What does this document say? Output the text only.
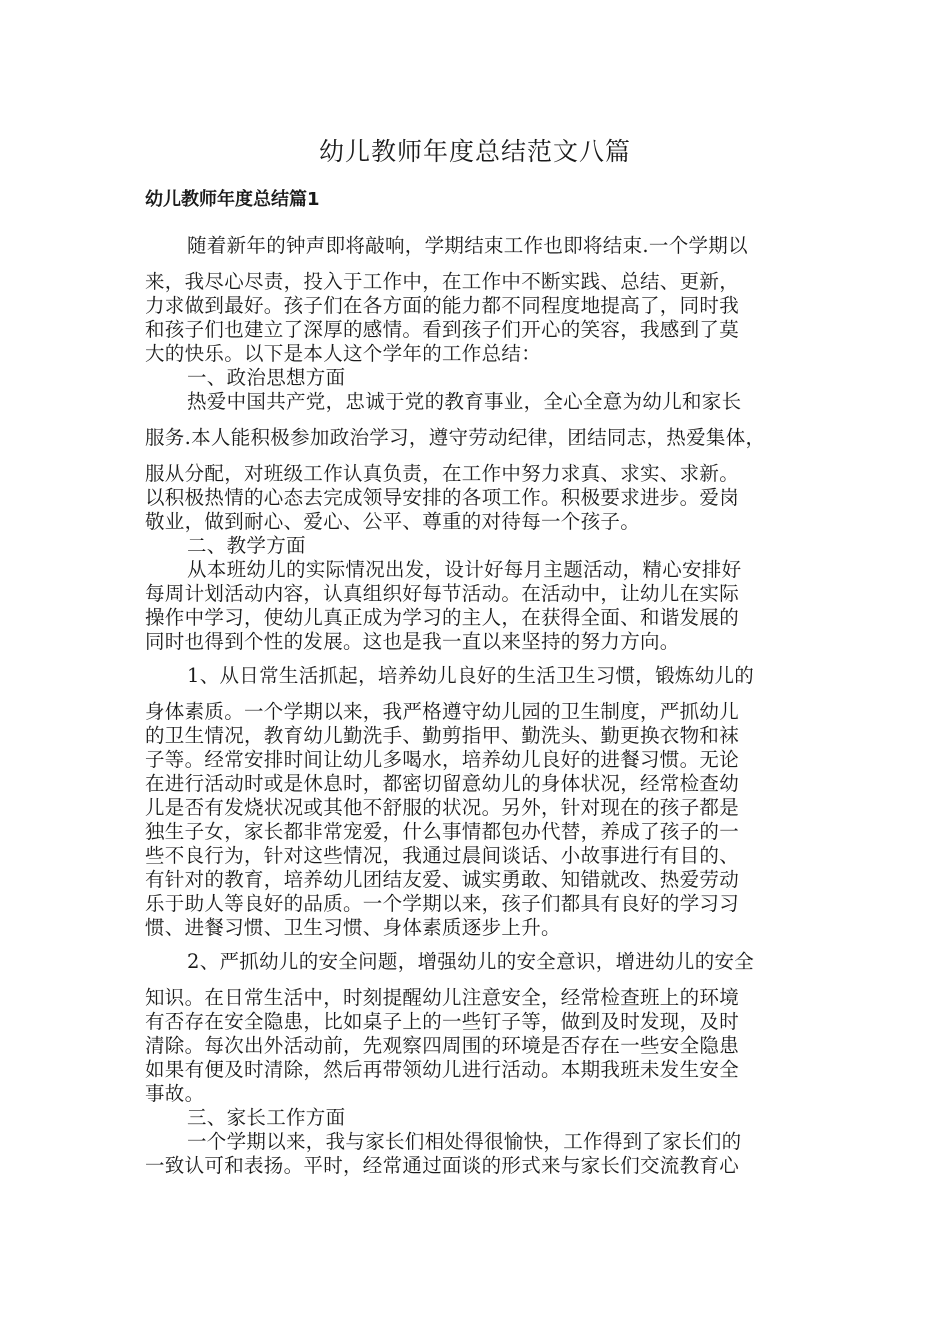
幼儿教师年度总结范文八篇
幼儿教师年度总结篇1
随着新年的钟声即将敲响，学期结束工作也即将结束.一个学期以
来，我尽心尽责，投入于工作中，在工作中不断实践、总结、更新，
力求做到最好。孩子们在各方面的能力都不同程度地提高了，同时我
和孩子们也建立了深厚的感情。看到孩子们开心的笑容，我感到了莫
大的快乐。以下是本人这个学年的工作总结：
一、政治思想方面
热爱中国共产党，忠诚于党的教育事业，全心全意为幼儿和家长
服务.本人能积极参加政治学习，遵守劳动纪律，团结同志，热爱集体，
服从分配，对班级工作认真负责，在工作中努力求真、求实、求新。
以积极热情的心态去完成领导安排的各项工作。积极要求进步。爱岗
敬业，做到耐心、爱心、公平、尊重的对待每一个孩子。
二、教学方面
从本班幼儿的实际情况出发，设计好每月主题活动，精心安排好
每周计划活动内容，认真组织好每节活动。在活动中，让幼儿在实际
操作中学习，使幼儿真正成为学习的主人，在获得全面、和谐发展的
同时也得到个性的发展。这也是我一直以来坚持的努力方向。
1、从日常生活抓起，培养幼儿良好的生活卫生习惯，锻炼幼儿的
身体素质。一个学期以来，我严格遵守幼儿园的卫生制度，严抓幼儿
的卫生情况，教育幼儿勤洗手、勤剪指甲、勤洗头、勤更换衣物和袜
子等。经常安排时间让幼儿多喝水，培养幼儿良好的进餐习惯。无论
在进行活动时或是休息时，都密切留意幼儿的身体状况，经常检查幼
儿是否有发烧状况或其他不舒服的状况。另外，针对现在的孩子都是
独生子女，家长都非常宠爱，什么事情都包办代替，养成了孩子的一
些不良行为，针对这些情况，我通过晨间谈话、小故事进行有目的、
有针对的教育，培养幼儿团结友爱、诚实勇敢、知错就改、热爱劳动
乐于助人等良好的品质。一个学期以来，孩子们都具有良好的学习习
惯、进餐习惯、卫生习惯、身体素质逐步上升。
2、严抓幼儿的安全问题，增强幼儿的安全意识，增进幼儿的安全
知识。在日常生活中，时刻提醒幼儿注意安全，经常检查班上的环境
有否存在安全隐患，比如桌子上的一些钉子等，做到及时发现，及时
清除。每次出外活动前，先观察四周围的环境是否存在一些安全隐患
如果有便及时清除，然后再带领幼儿进行活动。本期我班未发生安全
事故。
三、家长工作方面
一个学期以来，我与家长们相处得很愉快，工作得到了家长们的
一致认可和表扬。平时，经常通过面谈的形式来与家长们交流教育心
